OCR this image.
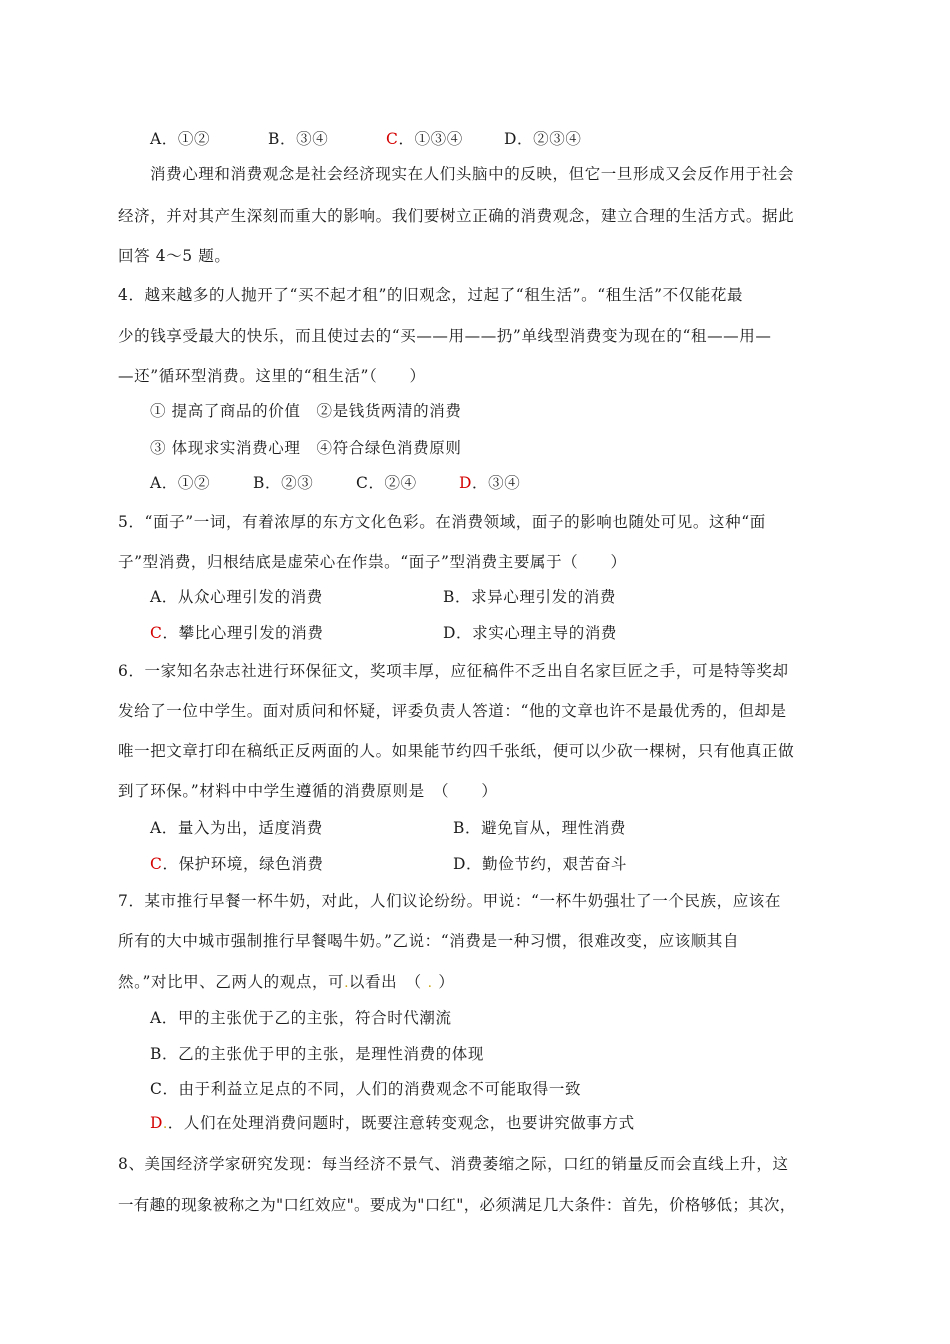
A．①②	B．③④	C．①③④	D．②③④
消费心理和消费观念是社会经济现实在人们头脑中的反映，但它一旦形成又会反作用于社会
经济，并对其产生深刻而重大的影响。我们要树立正确的消费观念，建立合理的生活方式。据此
回答 4～5 题。
4．越来越多的人抛开了“买不起才租”的旧观念，过起了“租生活”。“租生活”不仅能花最
少的钱享受最大的快乐，而且使过去的“买——用——扔”单线型消费变为现在的“租——用—
—还”循环型消费。这里的“租生活”（　　）
① 提高了商品的价值　②是钱货两清的消费
③ 体现求实消费心理　④符合绿色消费原则
A．①②	B．②③	C．②④	D．③④
5．“面子”一词，有着浓厚的东方文化色彩。在消费领域，面子的影响也随处可见。这种“面
子”型消费，归根结底是虚荣心在作祟。“面子”型消费主要属于（　　）
A．从众心理引发的消费	B．求异心理引发的消费
C．攀比心理引发的消费	D．求实心理主导的消费
6．一家知名杂志社进行环保征文，奖项丰厚，应征稿件不乏出自名家巨匠之手，可是特等奖却
发给了一位中学生。面对质问和怀疑，评委负责人答道：“他的文章也许不是最优秀的，但却是
唯一把文章打印在稿纸正反两面的人。如果能节约四千张纸，便可以少砍一棵树，只有他真正做
到了环保。”材料中中学生遵循的消费原则是　（　　）
A．量入为出，适度消费	B．避免盲从，理性消费
C．保护环境，绿色消费	D．勤俭节约，艰苦奋斗
7．某市推行早餐一杯牛奶，对此，人们议论纷纷。甲说：“一杯牛奶强壮了一个民族，应该在
所有的大中城市强制推行早餐喝牛奶。”乙说：“消费是一种习惯，很难改变，应该顺其自
然。”对比甲、乙两人的观点，可.以看出　（ . ）
A．甲的主张优于乙的主张，符合时代潮流
B．乙的主张优于甲的主张，是理性消费的体现
C．由于利益立足点的不同，人们的消费观念不可能取得一致
D.．人们在处理消费问题时，既要注意转变观念，也要讲究做事方式
8、美国经济学家研究发现：每当经济不景气、消费萎缩之际，口红的销量反而会直线上升，这
一有趣的现象被称之为"口红效应"。要成为"口红"，必须满足几大条件：首先，价格够低；其次，
